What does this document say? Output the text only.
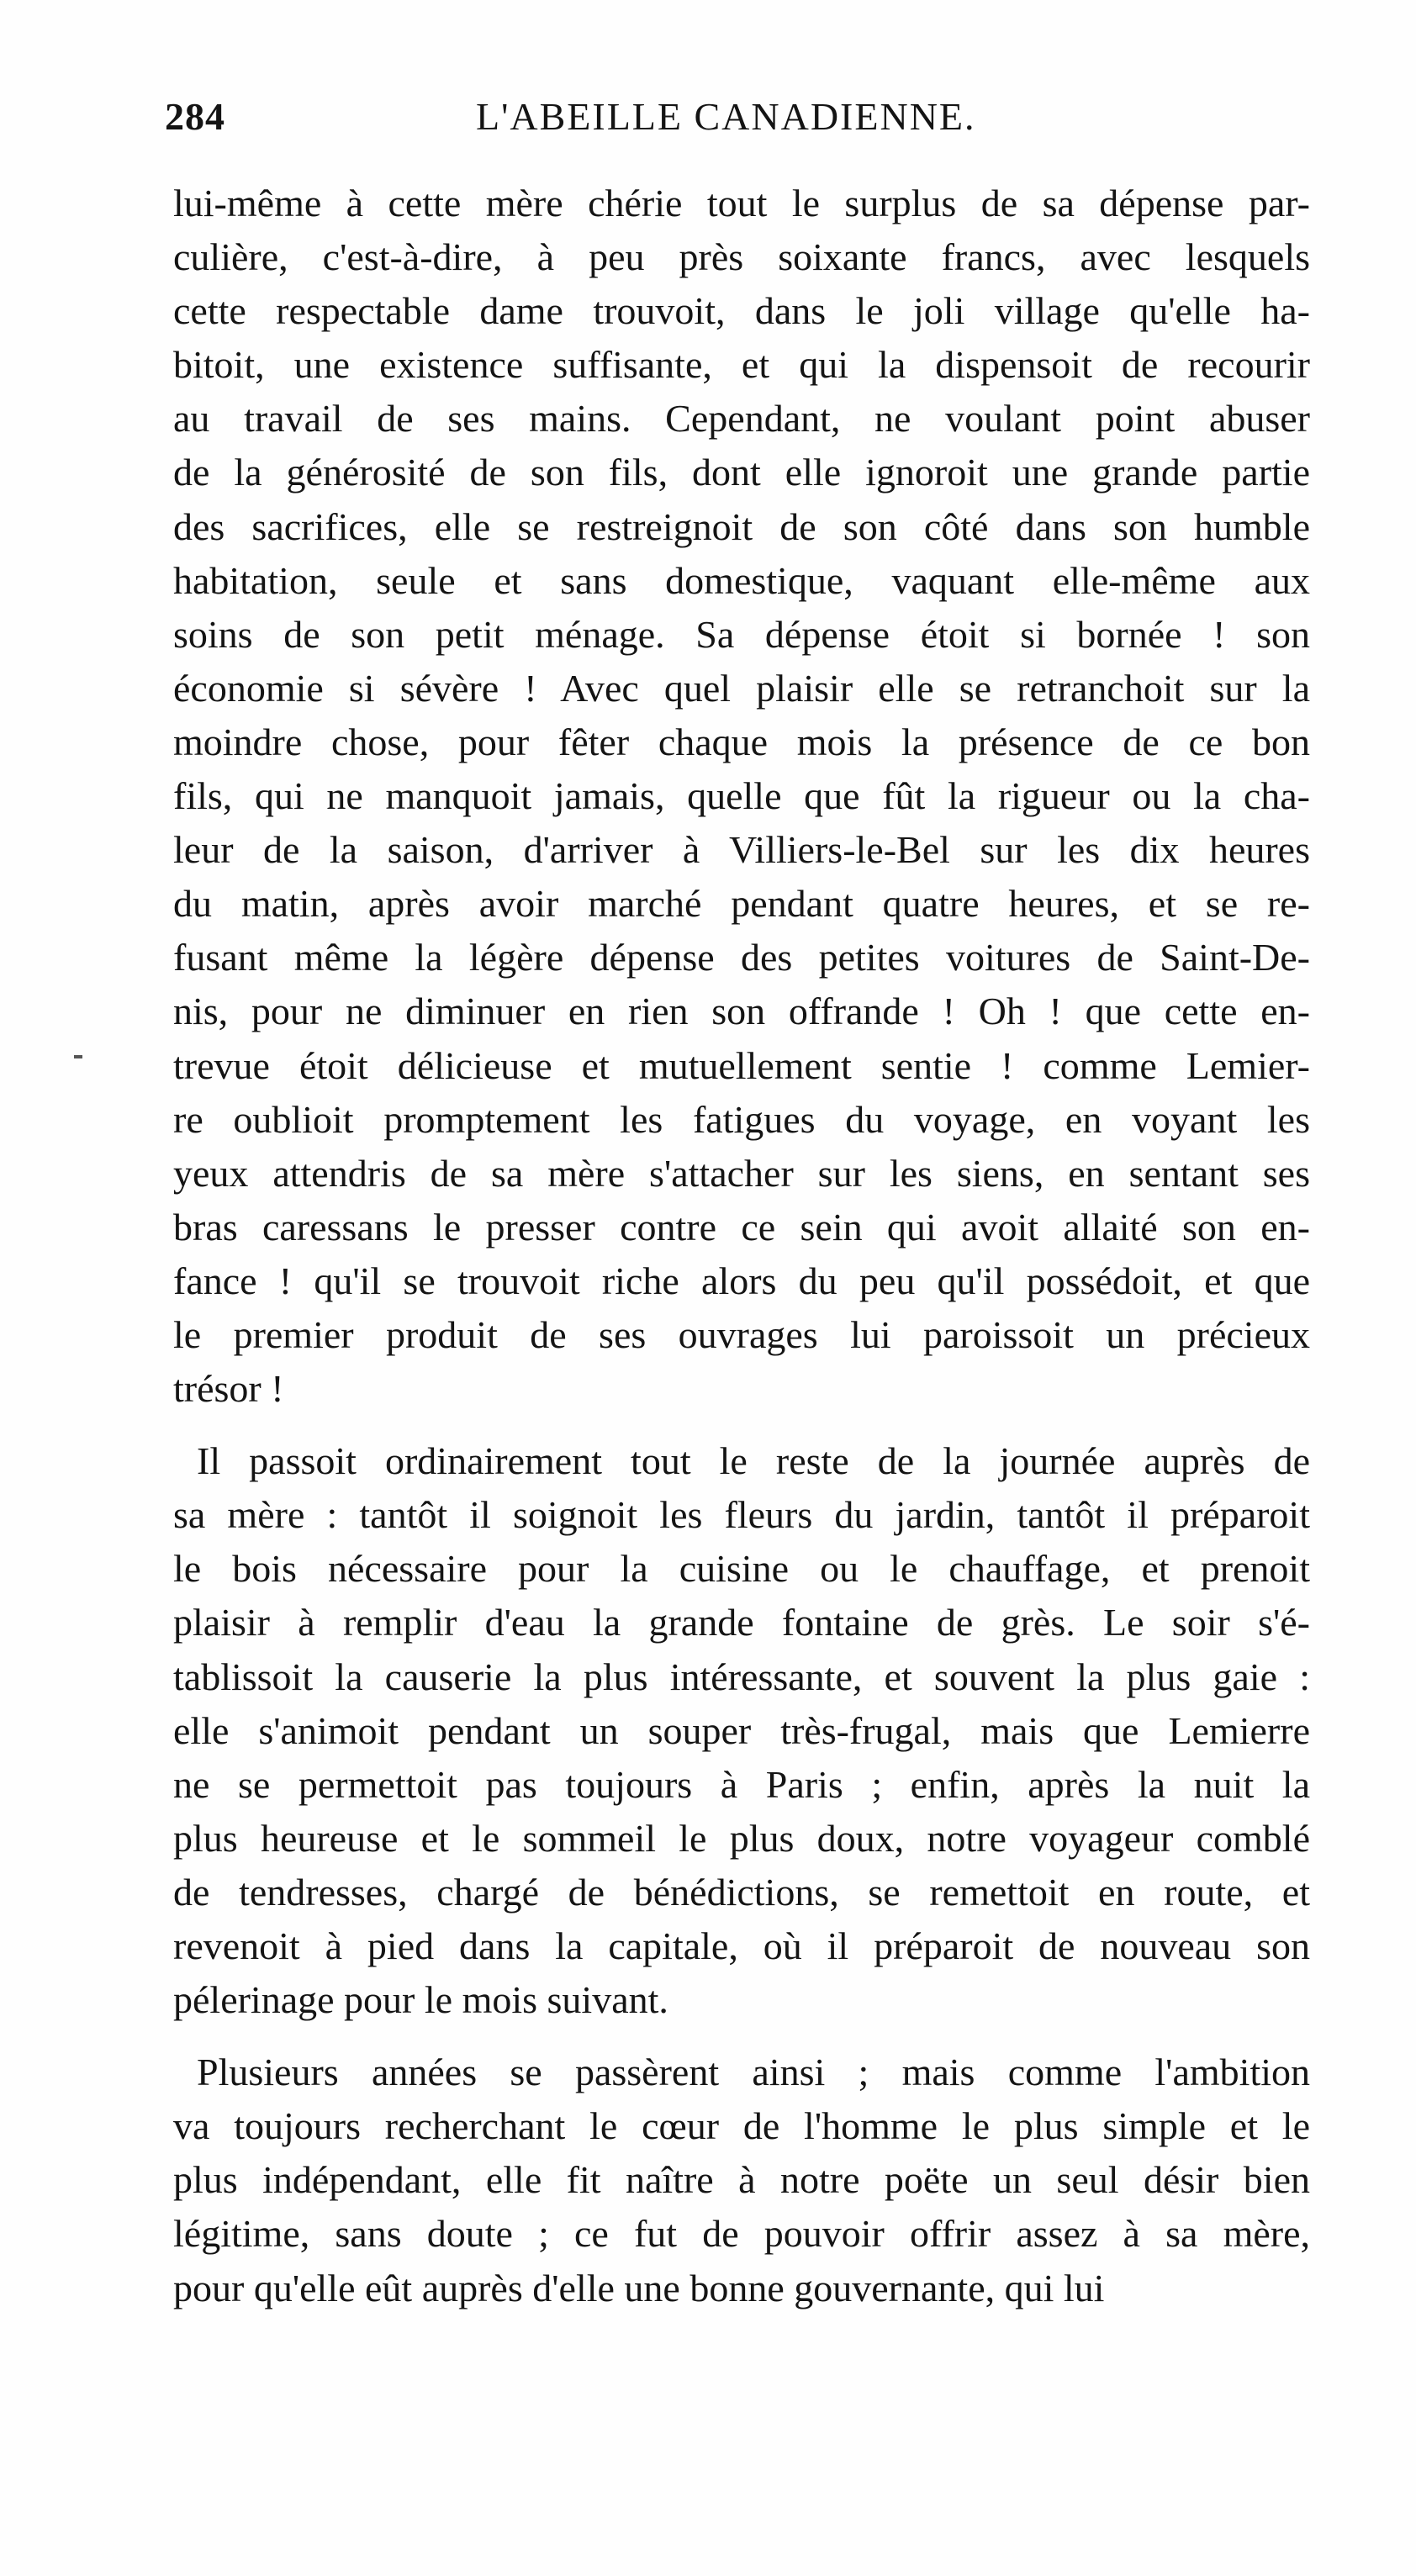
284	L'ABEILLE CANADIENNE.
lui-même à cette mère chérie tout le surplus de sa dépense par-
culière, c'est-à-dire, à peu près soixante francs, avec lesquels
cette respectable dame trouvoit, dans le joli village qu'elle ha-
bitoit, une existence suffisante, et qui la dispensoit de recourir
au travail de ses mains. Cependant, ne voulant point abuser
de la générosité de son fils, dont elle ignoroit une grande partie
des sacrifices, elle se restreignoit de son côté dans son humble
habitation, seule et sans domestique, vaquant elle-même aux
soins de son petit ménage. Sa dépense étoit si bornée ! son
économie si sévère ! Avec quel plaisir elle se retranchoit sur la
moindre chose, pour fêter chaque mois la présence de ce bon
fils, qui ne manquoit jamais, quelle que fût la rigueur ou la cha-
leur de la saison, d'arriver à Villiers-le-Bel sur les dix heures
du matin, après avoir marché pendant quatre heures, et se re-
fusant même la légère dépense des petites voitures de Saint-De-
nis, pour ne diminuer en rien son offrande ! Oh ! que cette en-
trevue étoit délicieuse et mutuellement sentie ! comme Lemier-
re oublioit promptement les fatigues du voyage, en voyant les
yeux attendris de sa mère s'attacher sur les siens, en sentant ses
bras caressans le presser contre ce sein qui avoit allaité son en-
fance ! qu'il se trouvoit riche alors du peu qu'il possédoit, et que
le premier produit de ses ouvrages lui paroissoit un précieux
trésor !
Il passoit ordinairement tout le reste de la journée auprès de
sa mère : tantôt il soignoit les fleurs du jardin, tantôt il préparoit
le bois nécessaire pour la cuisine ou le chauffage, et prenoit
plaisir à remplir d'eau la grande fontaine de grès. Le soir s'é-
tablissoit la causerie la plus intéressante, et souvent la plus gaie :
elle s'animoit pendant un souper très-frugal, mais que Lemierre
ne se permettoit pas toujours à Paris ; enfin, après la nuit la
plus heureuse et le sommeil le plus doux, notre voyageur comblé
de tendresses, chargé de bénédictions, se remettoit en route, et
revenoit à pied dans la capitale, où il préparoit de nouveau son
pélerinage pour le mois suivant.
Plusieurs années se passèrent ainsi ; mais comme l'ambition
va toujours recherchant le cœur de l'homme le plus simple et le
plus indépendant, elle fit naître à notre poëte un seul désir bien
légitime, sans doute ; ce fut de pouvoir offrir assez à sa mère,
pour qu'elle eût auprès d'elle une bonne gouvernante, qui lui
